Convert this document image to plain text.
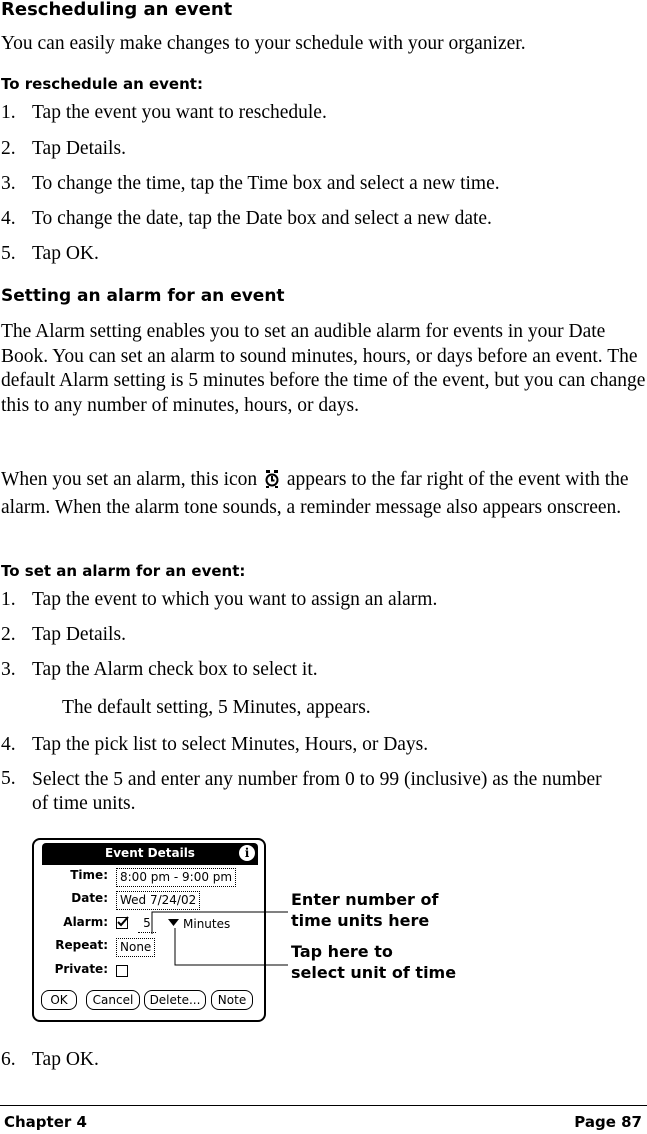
Rescheduling an event
You can easily make changes to your schedule with your organizer.
To reschedule an event:
1. Tap the event you want to reschedule.
2. Tap Details.
3. To change the time, tap the Time box and select a new time.
4. To change the date, tap the Date box and select a new date.
5. Tap OK.
Setting an alarm for an event
The Alarm setting enables you to set an audible alarm for events in your Date Book. You can set an alarm to sound minutes, hours, or days before an event. The default Alarm setting is 5 minutes before the time of the event, but you can change this to any number of minutes, hours, or days.
When you set an alarm, this icon appears to the far right of the event with the alarm. When the alarm tone sounds, a reminder message also appears onscreen.
To set an alarm for an event:
1. Tap the event to which you want to assign an alarm.
2. Tap Details.
3. Tap the Alarm check box to select it.
The default setting, 5 Minutes, appears.
4. Tap the pick list to select Minutes, Hours, or Days.
5. Select the 5 and enter any number from 0 to 99 (inclusive) as the number of time units.
Event Details	i
Time:	8:00 pm - 9:00 pm
Date:	Wed 7/24/02
Alarm:	5	Minutes
Repeat:	None
Private:
OK	Cancel	Delete...	Note
Enter number of
time units here
Tap here to
select unit of time
6. Tap OK.
Chapter 4	Page 87
